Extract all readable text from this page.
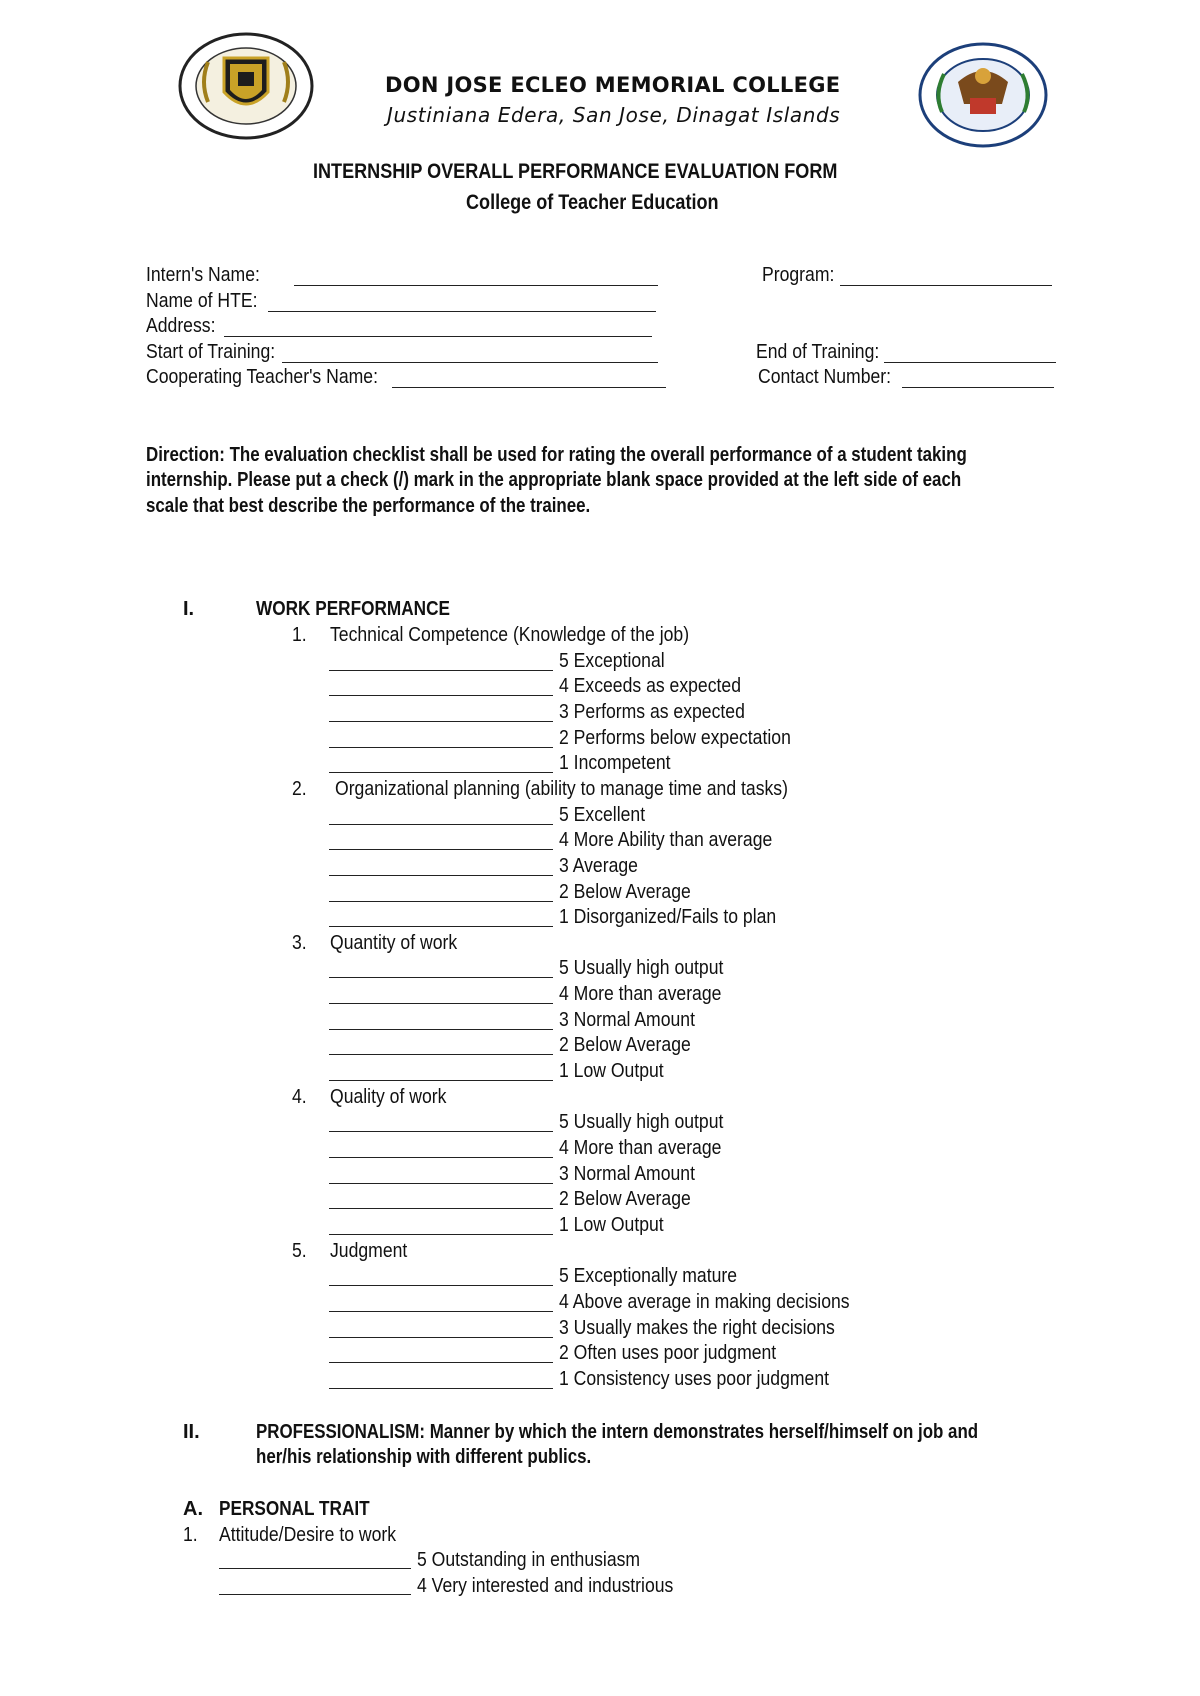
DON JOSE ECLEO MEMORIAL COLLEGE
Justiniana Edera, San Jose, Dinagat Islands
INTERNSHIP OVERALL PERFORMANCE EVALUATION FORM
College of Teacher Education
Intern's Name:	Program:
Name of HTE:
Address:
Start of Training:	End of Training:
Cooperating Teacher's Name:	Contact Number:
Direction: The evaluation checklist shall be used for rating the overall performance of a student taking
internship. Please put a check (/) mark in the appropriate blank space provided at the left side of each
scale that best describe the performance of the trainee.
I.	WORK PERFORMANCE
1. Technical Competence (Knowledge of the job)
5 Exceptional
4 Exceeds as expected
3 Performs as expected
2 Performs below expectation
1 Incompetent
2. Organizational planning (ability to manage time and tasks)
5 Excellent
4 More Ability than average
3 Average
2 Below Average
1 Disorganized/Fails to plan
3. Quantity of work
5 Usually high output
4 More than average
3 Normal Amount
2 Below Average
1 Low Output
4. Quality of work
5 Usually high output
4 More than average
3 Normal Amount
2 Below Average
1 Low Output
5. Judgment
5 Exceptionally mature
4 Above average in making decisions
3 Usually makes the right decisions
2 Often uses poor judgment
1 Consistency uses poor judgment
II.	PROFESSIONALISM: Manner by which the intern demonstrates herself/himself on job and
her/his relationship with different publics.
A. PERSONAL TRAIT
1. Attitude/Desire to work
5 Outstanding in enthusiasm
4 Very interested and industrious
